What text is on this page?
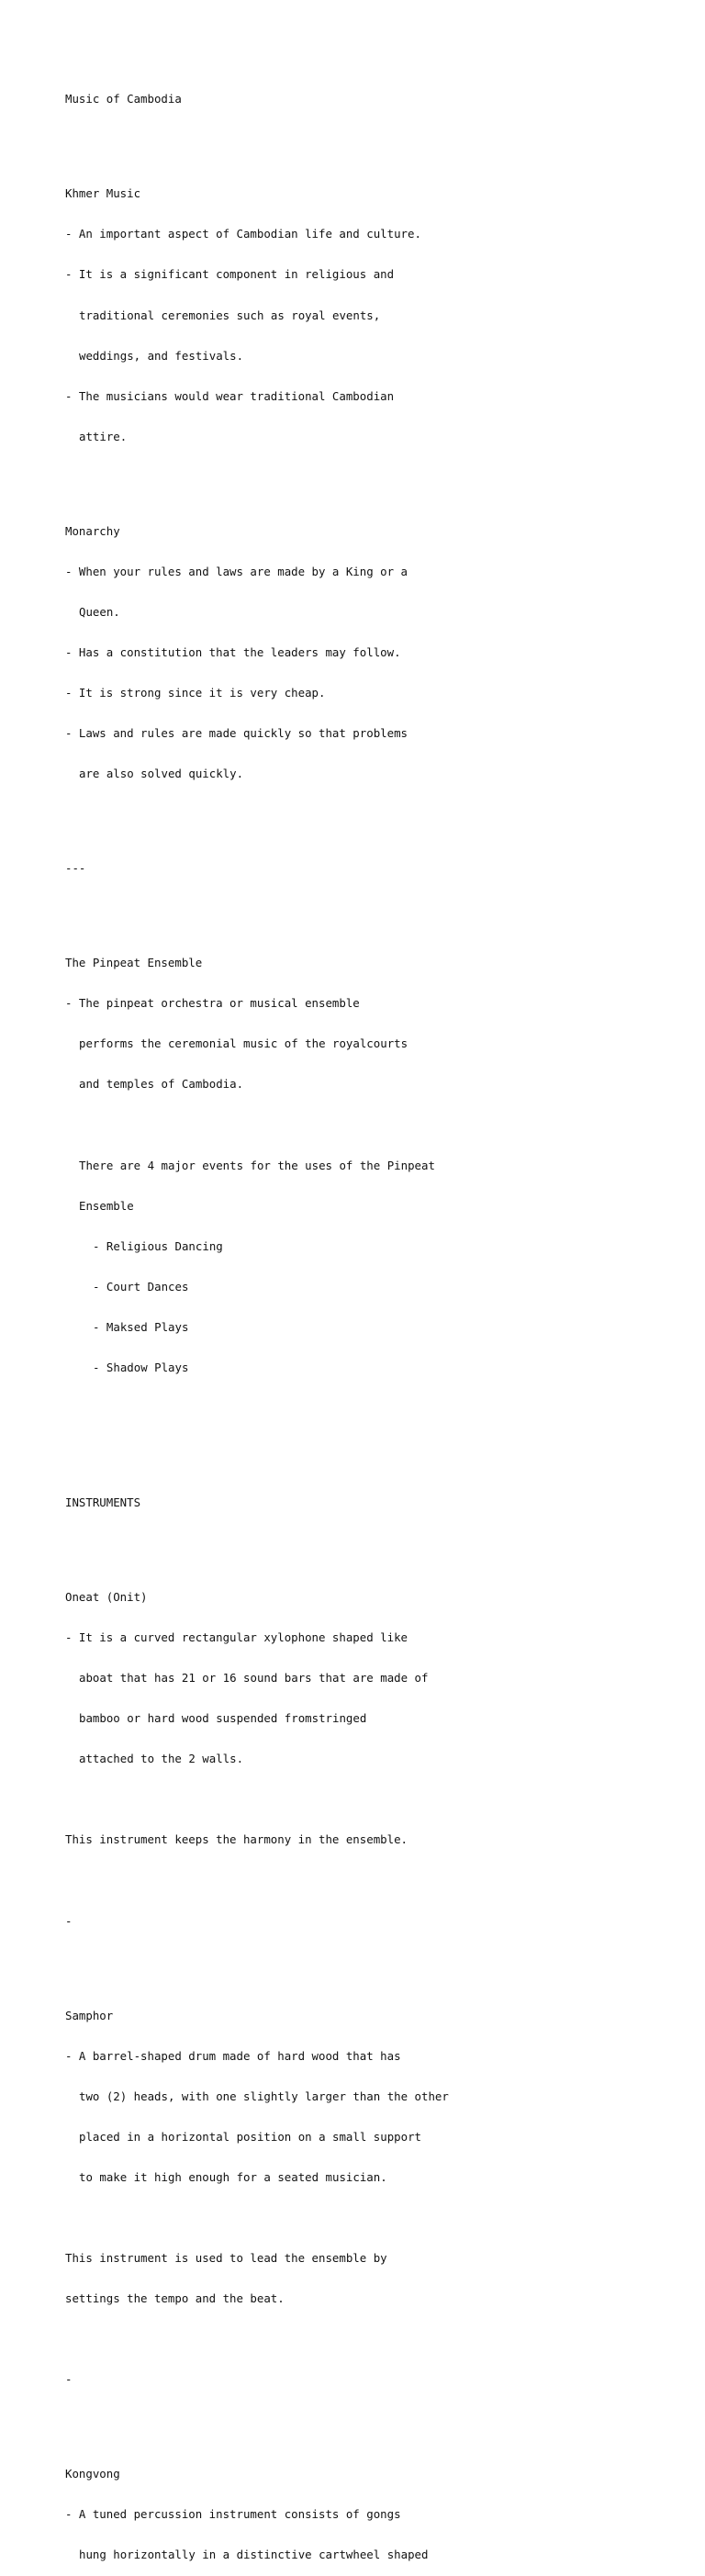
Music of Cambodia

Khmer Music

- An important aspect of Cambodian life and culture.

- It is a significant component in religious and

traditional ceremonies such as royal events,

weddings, and festivals.

- The musicians would wear traditional Cambodian

attire.

Monarchy

- When your rules and laws are made by a King or a

Queen.

- Has a constitution that the leaders may follow.

- It is strong since it is very cheap.

- Laws and rules are made quickly so that problems

are also solved quickly.

---

The Pinpeat Ensemble

- The pinpeat orchestra or musical ensemble

performs the ceremonial music of the royalcourts

and temples of Cambodia.

There are 4 major events for the uses of the Pinpeat

Ensemble

- Religious Dancing

- Court Dances

- Maksed Plays

- Shadow Plays

INSTRUMENTS

Oneat (Onit)

- It is a curved rectangular xylophone shaped like

aboat that has 21 or 16 sound bars that are made of

bamboo or hard wood suspended fromstringed

attached to the 2 walls.

This instrument keeps the harmony in the ensemble.

-

Samphor

- A barrel-shaped drum made of hard wood that has

two (2) heads, with one slightly larger than the other

placed in a horizontal position on a small support

to make it high enough for a seated musician.

This instrument is used to lead the ensemble by

settings the tempo and the beat.

-

Kongvong

- A tuned percussion instrument consists of gongs

hung horizontally in a distinctive cartwheel shaped
